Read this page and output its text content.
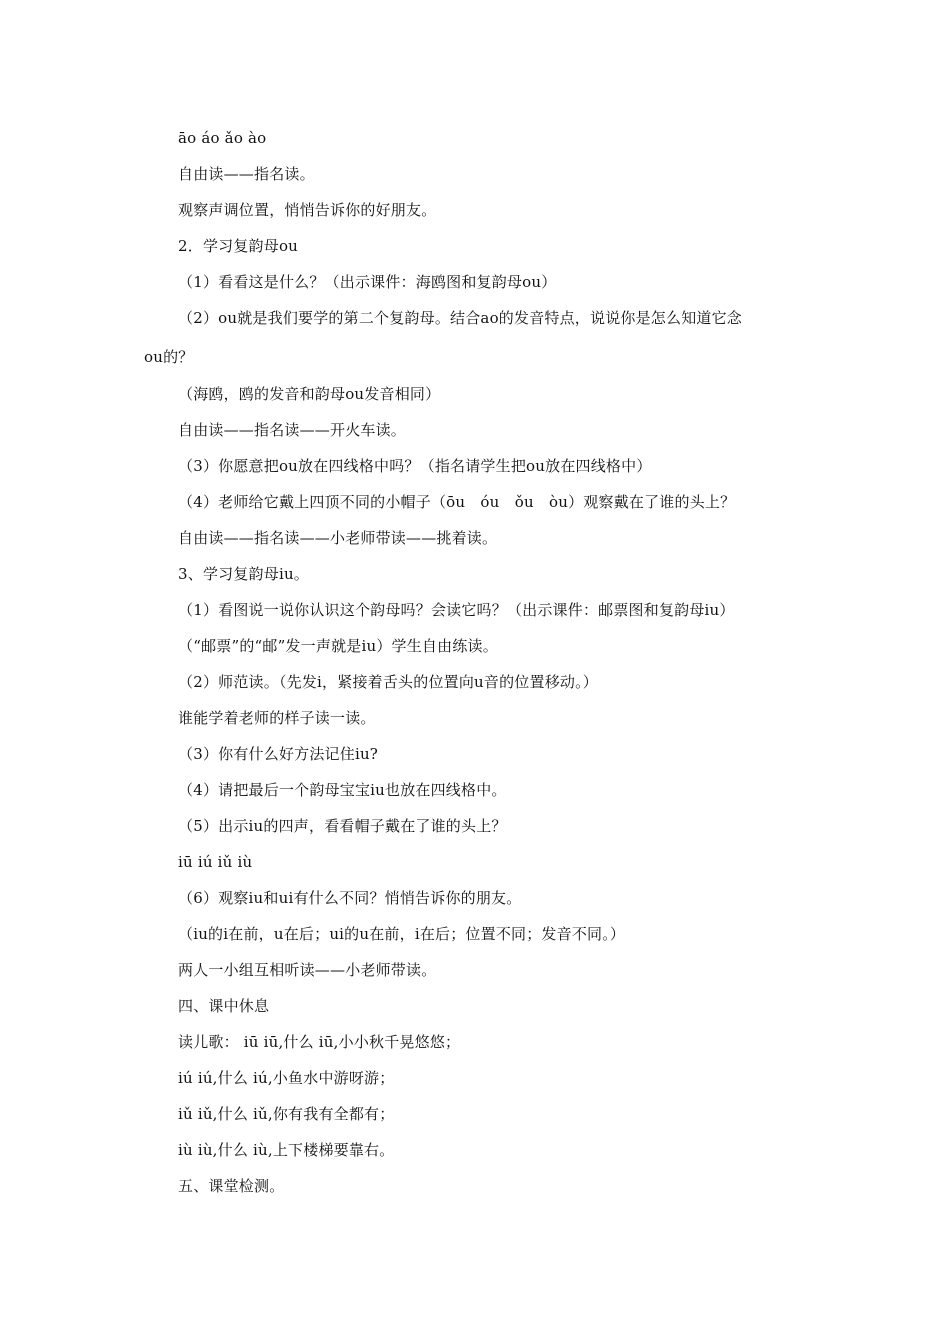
āo áo ǎo ào
自由读——指名读。
观察声调位置，悄悄告诉你的好朋友。
2．学习复韵母ou
（1）看看这是什么？（出示课件：海鸥图和复韵母ou）
（2）ou就是我们要学的第二个复韵母。结合ao的发音特点，说说你是怎么知道它念
ou的？
（海鸥，鸥的发音和韵母ou发音相同）
自由读——指名读——开火车读。
（3）你愿意把ou放在四线格中吗？（指名请学生把ou放在四线格中）
（4）老师给它戴上四顶不同的小帽子（ōu　óu　ǒu　òu）观察戴在了谁的头上？
自由读——指名读——小老师带读——挑着读。
3、学习复韵母iu。
（1）看图说一说你认识这个韵母吗？会读它吗？（出示课件：邮票图和复韵母iu）
（“邮票”的“邮”发一声就是iu）学生自由练读。
（2）师范读。（先发i，紧接着舌头的位置向u音的位置移动。）
谁能学着老师的样子读一读。
（3）你有什么好方法记住iu?
（4）请把最后一个韵母宝宝iu也放在四线格中。
（5）出示iu的四声，看看帽子戴在了谁的头上？
iū iú iǔ iù
（6）观察iu和ui有什么不同？悄悄告诉你的朋友。
（iu的i在前，u在后；ui的u在前，i在后；位置不同；发音不同。）
两人一小组互相听读——小老师带读。
四、课中休息
读儿歌： iū iū,什么 iū,小小秋千晃悠悠；
iú iú,什么 iú,小鱼水中游呀游；
iǔ iǔ,什么 iǔ,你有我有全都有；
iù iù,什么 iù,上下楼梯要靠右。
五、课堂检测。
